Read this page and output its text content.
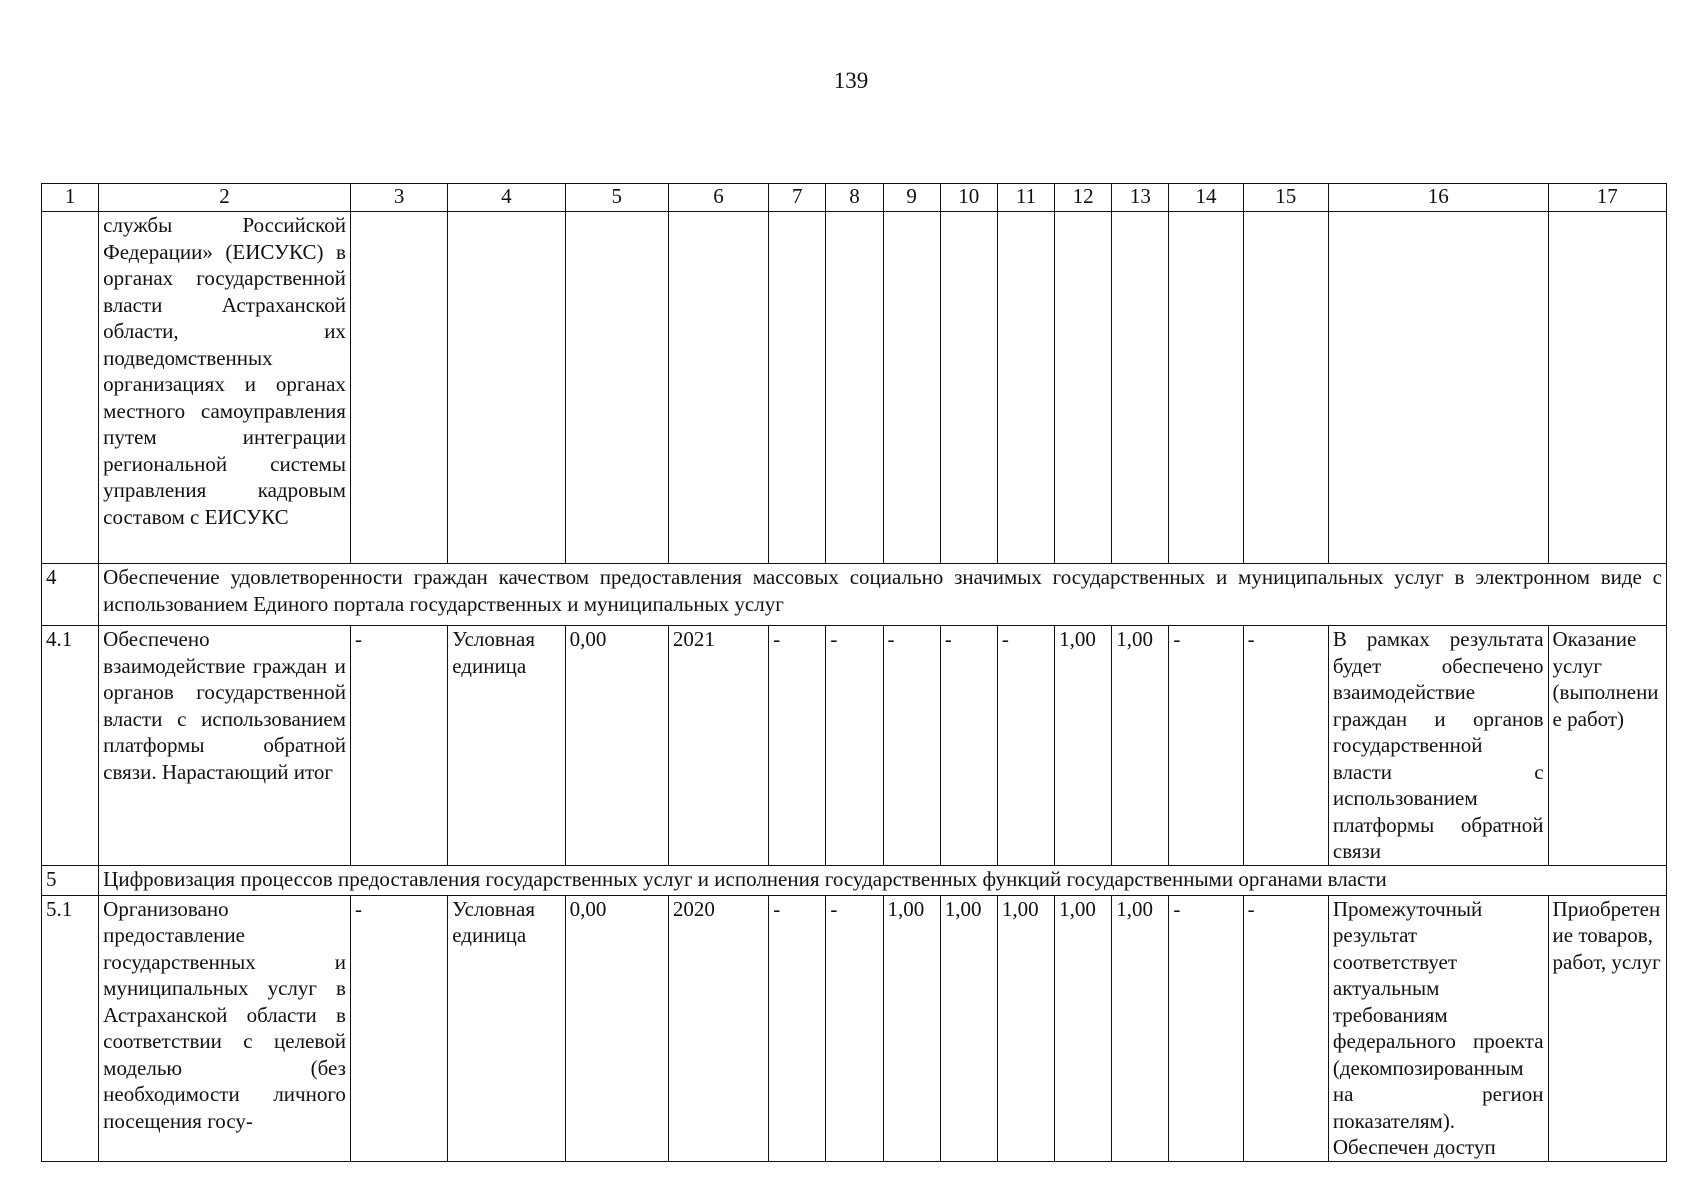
139
1	2	3	4	5	6	7	8	9	10	11	12	13	14	15	16	17
	службы Российской Федерации» (ЕИСУКС) в органах государственной власти Астраханской области, их подведомственных организациях и органах местного самоуправления путем интеграции региональной системы управления кадровым составом с ЕИСУКС															
4	Обеспечение удовлетворенности граждан качеством предоставления массовых социально значимых государственных и муниципальных услуг в электронном виде с использованием Единого портала государственных и муниципальных услуг															
4.1	Обеспечено взаимодействие граждан и органов государственной власти с использованием платформы обратной связи. Нарастающий итог	-	Условная единица	0,00	2021	-	-	-	-	-	1,00	1,00	-	-	В рамках результата будет обеспечено взаимодействие граждан и органов государственной власти с использованием платформы обратной связи	Оказание услуг (выполнение работ)
5	Цифровизация процессов предоставления государственных услуг и исполнения государственных функций государственными органами власти															
5.1	Организовано предоставление государственных и муниципальных услуг в Астраханской области в соответствии с целевой моделью (без необходимости личного посещения госу-	-	Условная единица	0,00	2020	-	-	1,00	1,00	1,00	1,00	1,00	-	-	Промежуточный результат соответствует актуальным требованиям федерального проекта (декомпозированным на регион показателям). Обеспечен доступ	Приобретение товаров, работ, услуг
